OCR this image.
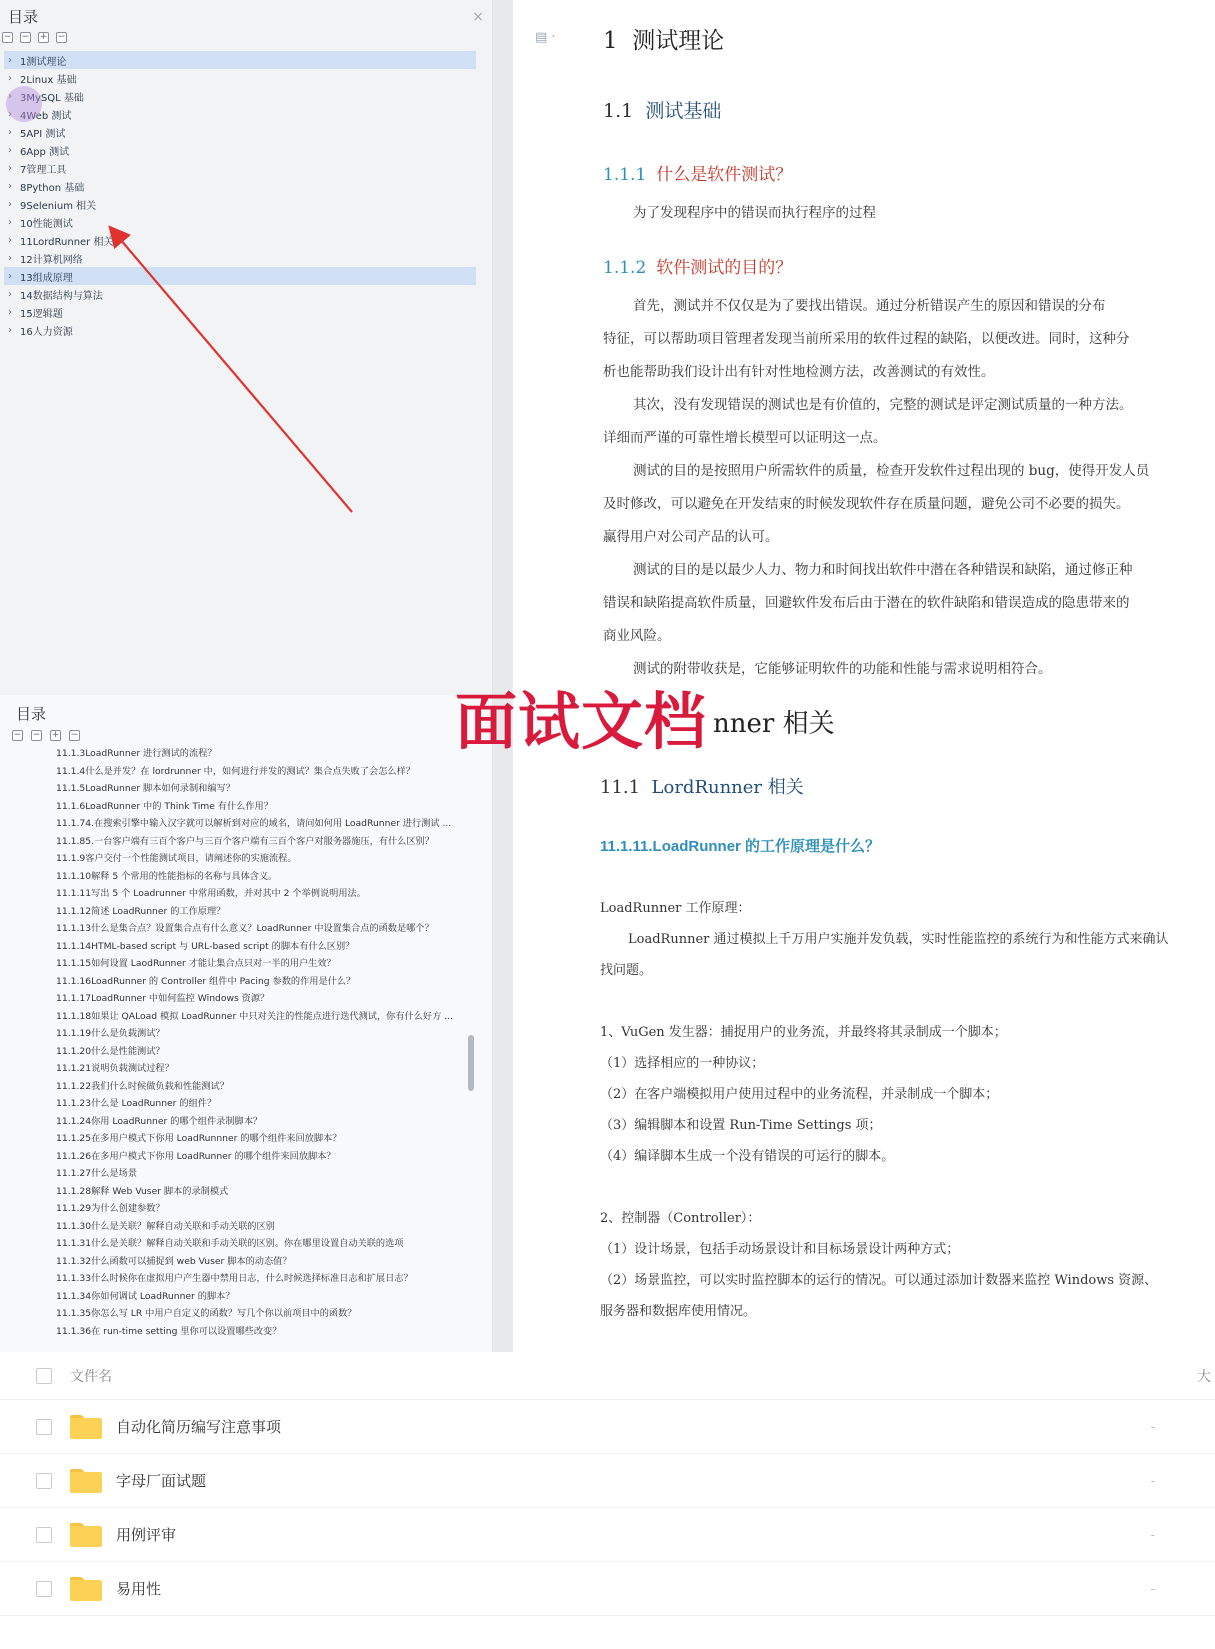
目录	×
− − + −
› 1测试理论
› 2Linux 基础
› 3MySQL 基础
› 4Web 测试
› 5API 测试
› 6App 测试
› 7管理工具
› 8Python 基础
› 9Selenium 相关
› 10性能测试
› 11LordRunner 相关
› 12计算机网络
› 13组成原理
› 14数据结构与算法
› 15逻辑题
› 16人力资源
▤ · 1 测试理论
1.1 测试基础
1.1.1 什么是软件测试？
为了发现程序中的错误而执行程序的过程
1.1.2 软件测试的目的？
首先，测试并不仅仅是为了要找出错误。通过分析错误产生的原因和错误的分布
特征，可以帮助项目管理者发现当前所采用的软件过程的缺陷，以便改进。同时，这种分
析也能帮助我们设计出有针对性地检测方法，改善测试的有效性。
其次，没有发现错误的测试也是有价值的，完整的测试是评定测试质量的一种方法。
详细而严谨的可靠性增长模型可以证明这一点。
测试的目的是按照用户所需软件的质量，检查开发软件过程出现的 bug，使得开发人员
及时修改，可以避免在开发结束的时候发现软件存在质量问题，避免公司不必要的损失。
赢得用户对公司产品的认可。
测试的目的是以最少人力、物力和时间找出软件中潜在各种错误和缺陷，通过修正种
错误和缺陷提高软件质量，回避软件发布后由于潜在的软件缺陷和错误造成的隐患带来的
商业风险。
测试的附带收获是，它能够证明软件的功能和性能与需求说明相符合。
目录
− − + −
11.1.3LoadRunner 进行测试的流程？
11.1.4什么是并发？在 lordrunner 中，如何进行并发的测试？集合点失败了会怎么样？
11.1.5LoadRunner 脚本如何录制和编写？
11.1.6LoadRunner 中的 Think Time 有什么作用？
11.1.74.在搜索引擎中输入汉字就可以解析到对应的域名，请问如何用 LoadRunner 进行测试 ...
11.1.85.一台客户端有三百个客户与三百个客户端有三百个客户对服务器施压，有什么区别？
11.1.9客户交付一个性能测试项目，请阐述你的实施流程。
11.1.10解释 5 个常用的性能指标的名称与具体含义。
11.1.11写出 5 个 Loadrunner 中常用函数，并对其中 2 个举例说明用法。
11.1.12简述 LoadRunner 的工作原理？
11.1.13什么是集合点？设置集合点有什么意义？LoadRunner 中设置集合点的函数是哪个？
11.1.14HTML-based script 与 URL-based script 的脚本有什么区别？
11.1.15如何设置 LaodRunner 才能让集合点只对一半的用户生效？
11.1.16LoadRunner 的 Controller 组件中 Pacing 参数的作用是什么？
11.1.17LoadRunner 中如何监控 Windows 资源？
11.1.18如果让 QALoad 模拟 LoadRunner 中只对关注的性能点进行迭代测试，你有什么好方 ...
11.1.19什么是负载测试？
11.1.20什么是性能测试？
11.1.21说明负载测试过程？
11.1.22我们什么时候做负载和性能测试？
11.1.23什么是 LoadRunner 的组件？
11.1.24你用 LoadRunner 的哪个组件录制脚本？
11.1.25在多用户模式下你用 LoadRunnner 的哪个组件来回放脚本？
11.1.26在多用户模式下你用 LoadRunner 的哪个组件来回放脚本？
11.1.27什么是场景
11.1.28解释 Web Vuser 脚本的录制模式
11.1.29为什么创建参数？
11.1.30什么是关联？解释自动关联和手动关联的区别
11.1.31什么是关联？解释自动关联和手动关联的区别。你在哪里设置自动关联的选项
11.1.32什么函数可以捕捉到 web Vuser 脚本的动态值？
11.1.33什么时候你在虚拟用户产生器中禁用日志，什么时候选择标准日志和扩展日志？
11.1.34你如何调试 LoadRunner 的脚本？
11.1.35你怎么写 LR 中用户自定义的函数？写几个你以前项目中的函数？
11.1.36在 run-time setting 里你可以设置哪些改变？
nner 相关
11.1 LordRunner 相关
11.1.11.LoadRunner 的工作原理是什么？
LoadRunner 工作原理：
LoadRunner 通过模拟上千万用户实施并发负载，实时性能监控的系统行为和性能方式来确认
找问题。
1、VuGen 发生器：捕捉用户的业务流，并最终将其录制成一个脚本；
（1）选择相应的一种协议；
（2）在客户端模拟用户使用过程中的业务流程，并录制成一个脚本；
（3）编辑脚本和设置 Run-Time Settings 项；
（4）编译脚本生成一个没有错误的可运行的脚本。
2、控制器（Controller）：
（1）设计场景，包括手动场景设计和目标场景设计两种方式；
（2）场景监控，可以实时监控脚本的运行的情况。可以通过添加计数器来监控 Windows 资源、
服务器和数据库使用情况。
面试文档
文件名	大
自动化简历编写注意事项	-
字母厂面试题	-
用例评审	-
易用性	-
